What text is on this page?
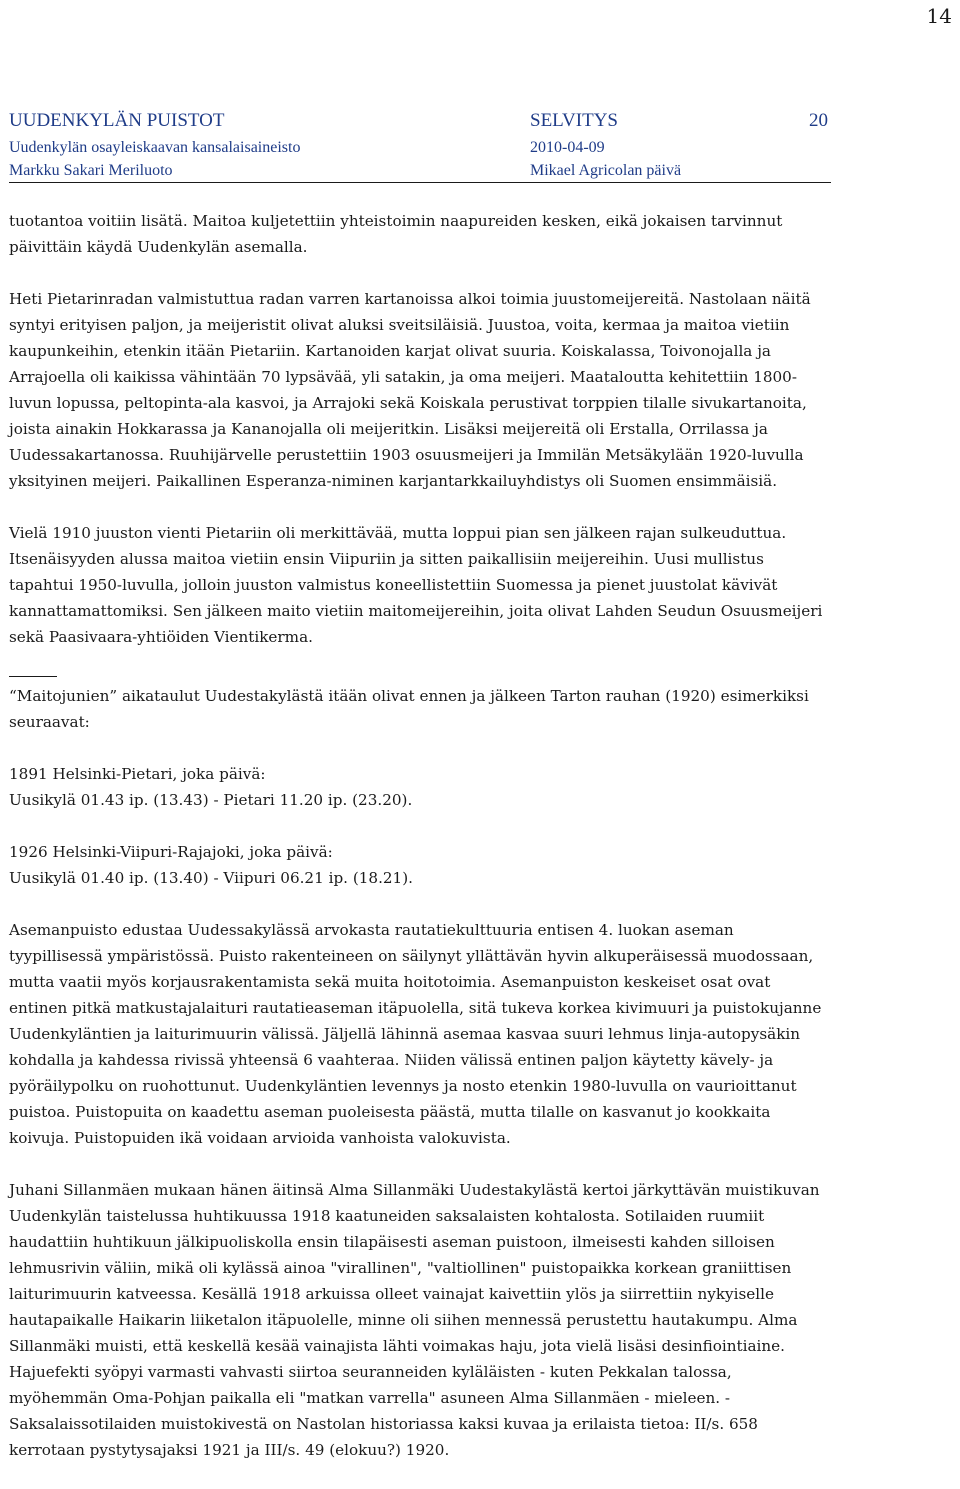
14
UUDENKYLÄN PUISTOT
Uudenkylän osayleiskaavan kansalaisaineisto
Markku Sakari Meriluoto
SELVITYS
2010-04-09
Mikael Agricolan päivä
20

tuotantoa voitiin lisätä. Maitoa kuljetettiin yhteistoimin naapureiden kesken, eikä jokaisen tarvinnut päivittäin käydä Uudenkylän asemalla.

Heti Pietarinradan valmistuttua radan varren kartanoissa alkoi toimia juustomeijereitä. Nastolaan näitä syntyi erityisen paljon, ja meijeristit olivat aluksi sveitsiläisiä. Juustoa, voita, kermaa ja maitoa vietiin kaupunkeihin, etenkin itään Pietariin. Kartanoiden karjat olivat suuria. Koiskalassa, Toivonojalla ja Arrajoella oli kaikissa vähintään 70 lypsävää, yli satakin, ja oma meijeri. Maataloutta kehitettiin 1800-luvun lopussa, peltopinta-ala kasvoi, ja Arrajoki sekä Koiskala perustivat torppien tilalle sivukartanoita, joista ainakin Hokkarassa ja Kananojalla oli meijeritkin. Lisäksi meijereitä oli Erstalla, Orrilassa ja Uudessakartanossa. Ruuhijärvelle perustettiin 1903 osuusmeijeri ja Immilän Metsäkylään 1920-luvulla yksityinen meijeri. Paikallinen Esperanza-niminen karjantarkkailuyhdistys oli Suomen ensimmäisiä.

Vielä 1910 juuston vienti Pietariin oli merkittävää, mutta loppui pian sen jälkeen rajan sulkeuduttua. Itsenäisyyden alussa maitoa vietiin ensin Viipuriin ja sitten paikallisiin meijereihin. Uusi mullistus tapahtui 1950-luvulla, jolloin juuston valmistus koneellistettiin Suomessa ja pienet juustolat kävivät kannattamattomiksi. Sen jälkeen maito vietiin maitomeijereihin, joita olivat Lahden Seudun Osuusmeijeri sekä Paasivaara-yhtiöiden Vientikerma.

“Maitojunien” aikataulut Uudestakylästä itään olivat ennen ja jälkeen Tarton rauhan (1920) esimerkiksi seuraavat:

1891 Helsinki-Pietari, joka päivä:
Uusikylä 01.43 ip. (13.43) - Pietari 11.20 ip. (23.20).

1926 Helsinki-Viipuri-Rajajoki, joka päivä:
Uusikylä 01.40 ip. (13.40) - Viipuri 06.21 ip. (18.21).

Asemanpuisto edustaa Uudessakylässä arvokasta rautatiekulttuuria entisen 4. luokan aseman tyypillisessä ympäristössä. Puisto rakenteineen on säilynyt yllättävän hyvin alkuperäisessä muodossaan, mutta vaatii myös korjausrakentamista sekä muita hoitotoimia. Asemanpuiston keskeiset osat ovat entinen pitkä matkustajalaituri rautatieaseman itäpuolella, sitä tukeva korkea kivimuuri ja puistokujanne Uudenkyläntien ja laiturimuurin välissä. Jäljellä lähinnä asemaa kasvaa suuri lehmus linja-autopysäkin kohdalla ja kahdessa rivissä yhteensä 6 vaahteraa. Niiden välissä entinen paljon käytetty kävely- ja pyöräilypolku on ruohottunut. Uudenkyläntien levennys ja nosto etenkin 1980-luvulla on vaurioittanut puistoa. Puistopuita on kaadettu aseman puoleisesta päästä, mutta tilalle on kasvanut jo kookkaita koivuja. Puistopuiden ikä voidaan arvioida vanhoista valokuvista.

Juhani Sillanmäen mukaan hänen äitinsä Alma Sillanmäki Uudestakylästä kertoi järkyttävän muistikuvan Uudenkylän taistelussa huhtikuussa 1918 kaatuneiden saksalaisten kohtalosta. Sotilaiden ruumiit haudattiin huhtikuun jälkipuoliskolla ensin tilapäisesti aseman puistoon, ilmeisesti kahden silloisen lehmusrivin väliin, mikä oli kylässä ainoa "virallinen", "valtiollinen" puistopaikka korkean graniittisen laiturimuurin katveessa. Kesällä 1918 arkuissa olleet vainajat kaivettiin ylös ja siirrettiin nykyiselle hautapaikalle Haikarin liiketalon itäpuolelle, minne oli siihen mennessä perustettu hautakumpu. Alma Sillanmäki muisti, että keskellä kesää vainajista lähti voimakas haju, jota vielä lisäsi desinfiointiaine. Hajuefekti syöpyi varmasti vahvasti siirtoa seuranneiden kyläläisten - kuten Pekkalan talossa, myöhemmän Oma-Pohjan paikalla eli "matkan varrella" asuneen Alma Sillanmäen - mieleen. - Saksalaissotilaiden muistokivestä on Nastolan historiassa kaksi kuvaa ja erilaista tietoa: II/s. 658 kerrotaan pystytysajaksi 1921 ja III/s. 49 (elokuu?) 1920.
